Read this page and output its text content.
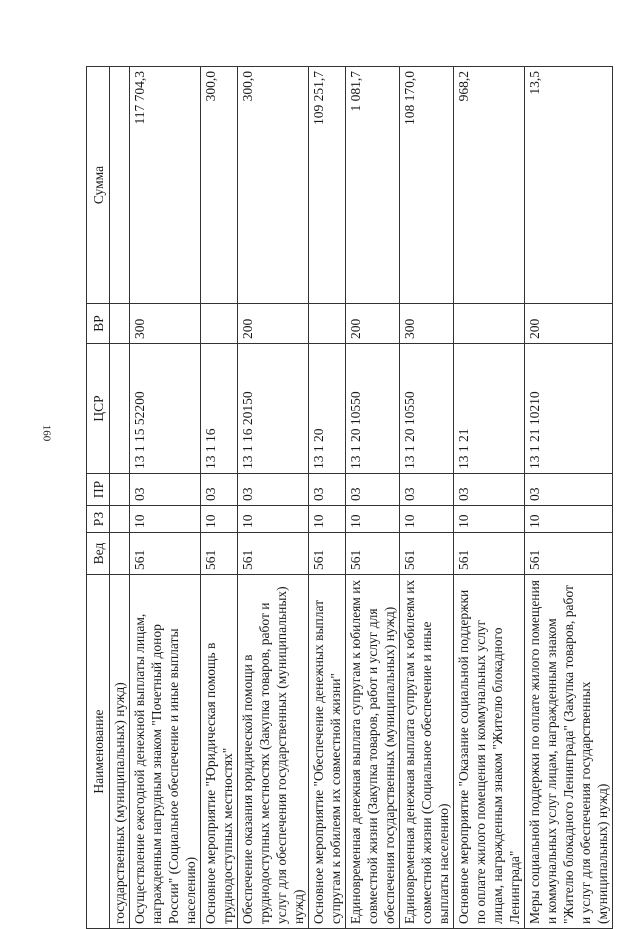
160
Наименование	Вед	РЗ	ПР	ЦСР	ВР	Сумма
государственных (муниципальных) нужд)						
Осуществление ежегодной денежной выплаты лицам, награжденным нагрудным знаком "Почетный донор России" (Социальное обеспечение и иные выплаты населению)	561	10	03	13 1 15 52200	300	117 704,3
Основное мероприятие "Юридическая помощь в труднодоступных местностях"	561	10	03	13 1 16		300,0
Обеспечение оказания юридической помощи в труднодоступных местностях (Закупка товаров, работ и услуг для обеспечения государственных (муниципальных) нужд)	561	10	03	13 1 16 20150	200	300,0
Основное мероприятие "Обеспечение денежных выплат супругам к юбилеям их совместной жизни"	561	10	03	13 1 20		109 251,7
Единовременная денежная выплата супругам к юбилеям их совместной жизни (Закупка товаров, работ и услуг для обеспечения государственных (муниципальных) нужд)	561	10	03	13 1 20 10550	200	1 081,7
Единовременная денежная выплата супругам к юбилеям их совместной жизни (Социальное обеспечение и иные выплаты населению)	561	10	03	13 1 20 10550	300	108 170,0
Основное мероприятие "Оказание социальной поддержки по оплате жилого помещения и коммунальных услуг лицам, награжденным знаком "Жителю блокадного Ленинграда"	561	10	03	13 1 21		968,2
Меры социальной поддержки по оплате жилого помещения и коммунальных услуг лицам, награжденным знаком "Жителю блокадного Ленинграда" (Закупка товаров, работ и услуг для обеспечения государственных (муниципальных) нужд)	561	10	03	13 1 21 10210	200	13,5
